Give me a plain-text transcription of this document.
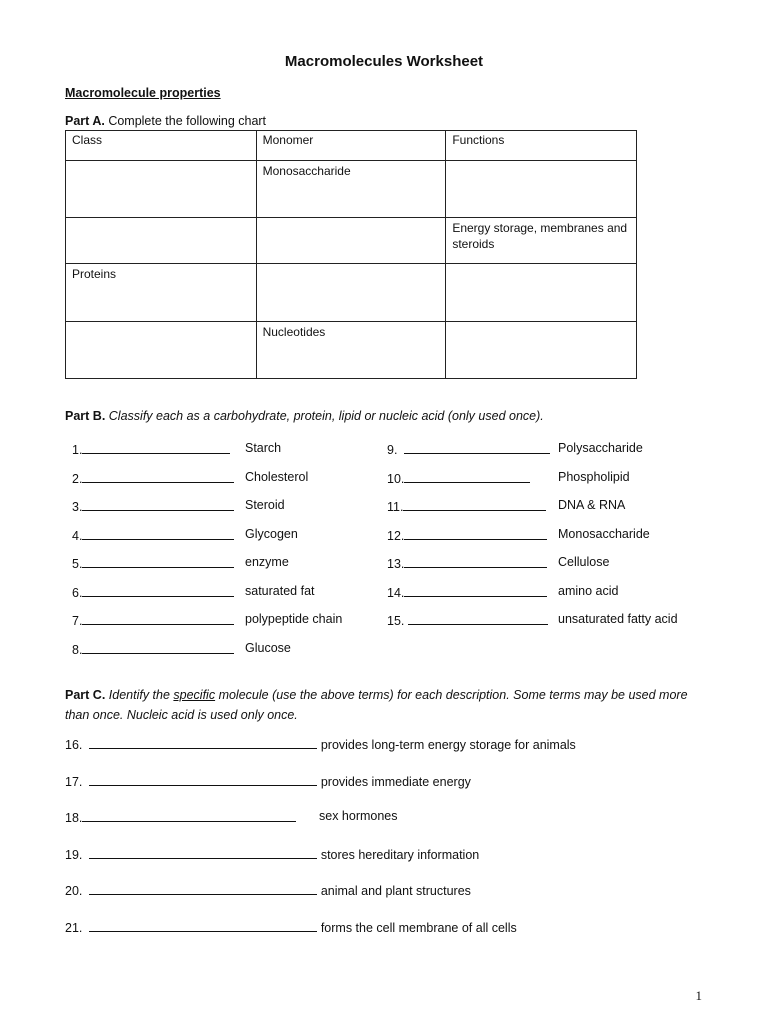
Macromolecules Worksheet
Macromolecule properties
Part A. Complete the following chart
Class	Monomer	Functions
	Monosaccharide	
		Energy storage, membranes and steroids
Proteins		
	Nucleotides	
Part B. Classify each as a carbohydrate, protein, lipid or nucleic acid (only used once).
1.	Starch
2.	Cholesterol
3.	Steroid
4.	Glycogen
5.	enzyme
6.	saturated fat
7.	polypeptide chain
8.	Glucose
9.	Polysaccharide
10.	Phospholipid
11.	DNA & RNA
12.	Monosaccharide
13.	Cellulose
14.	amino acid
15.	unsaturated fatty acid
Part C. Identify the specific molecule (use the above terms) for each description. Some terms may be used more than once. Nucleic acid is used only once.
16.	provides long-term energy storage for animals
17.	provides immediate energy
18.	sex hormones
19.	stores hereditary information
20.	animal and plant structures
21.	forms the cell membrane of all cells
1
